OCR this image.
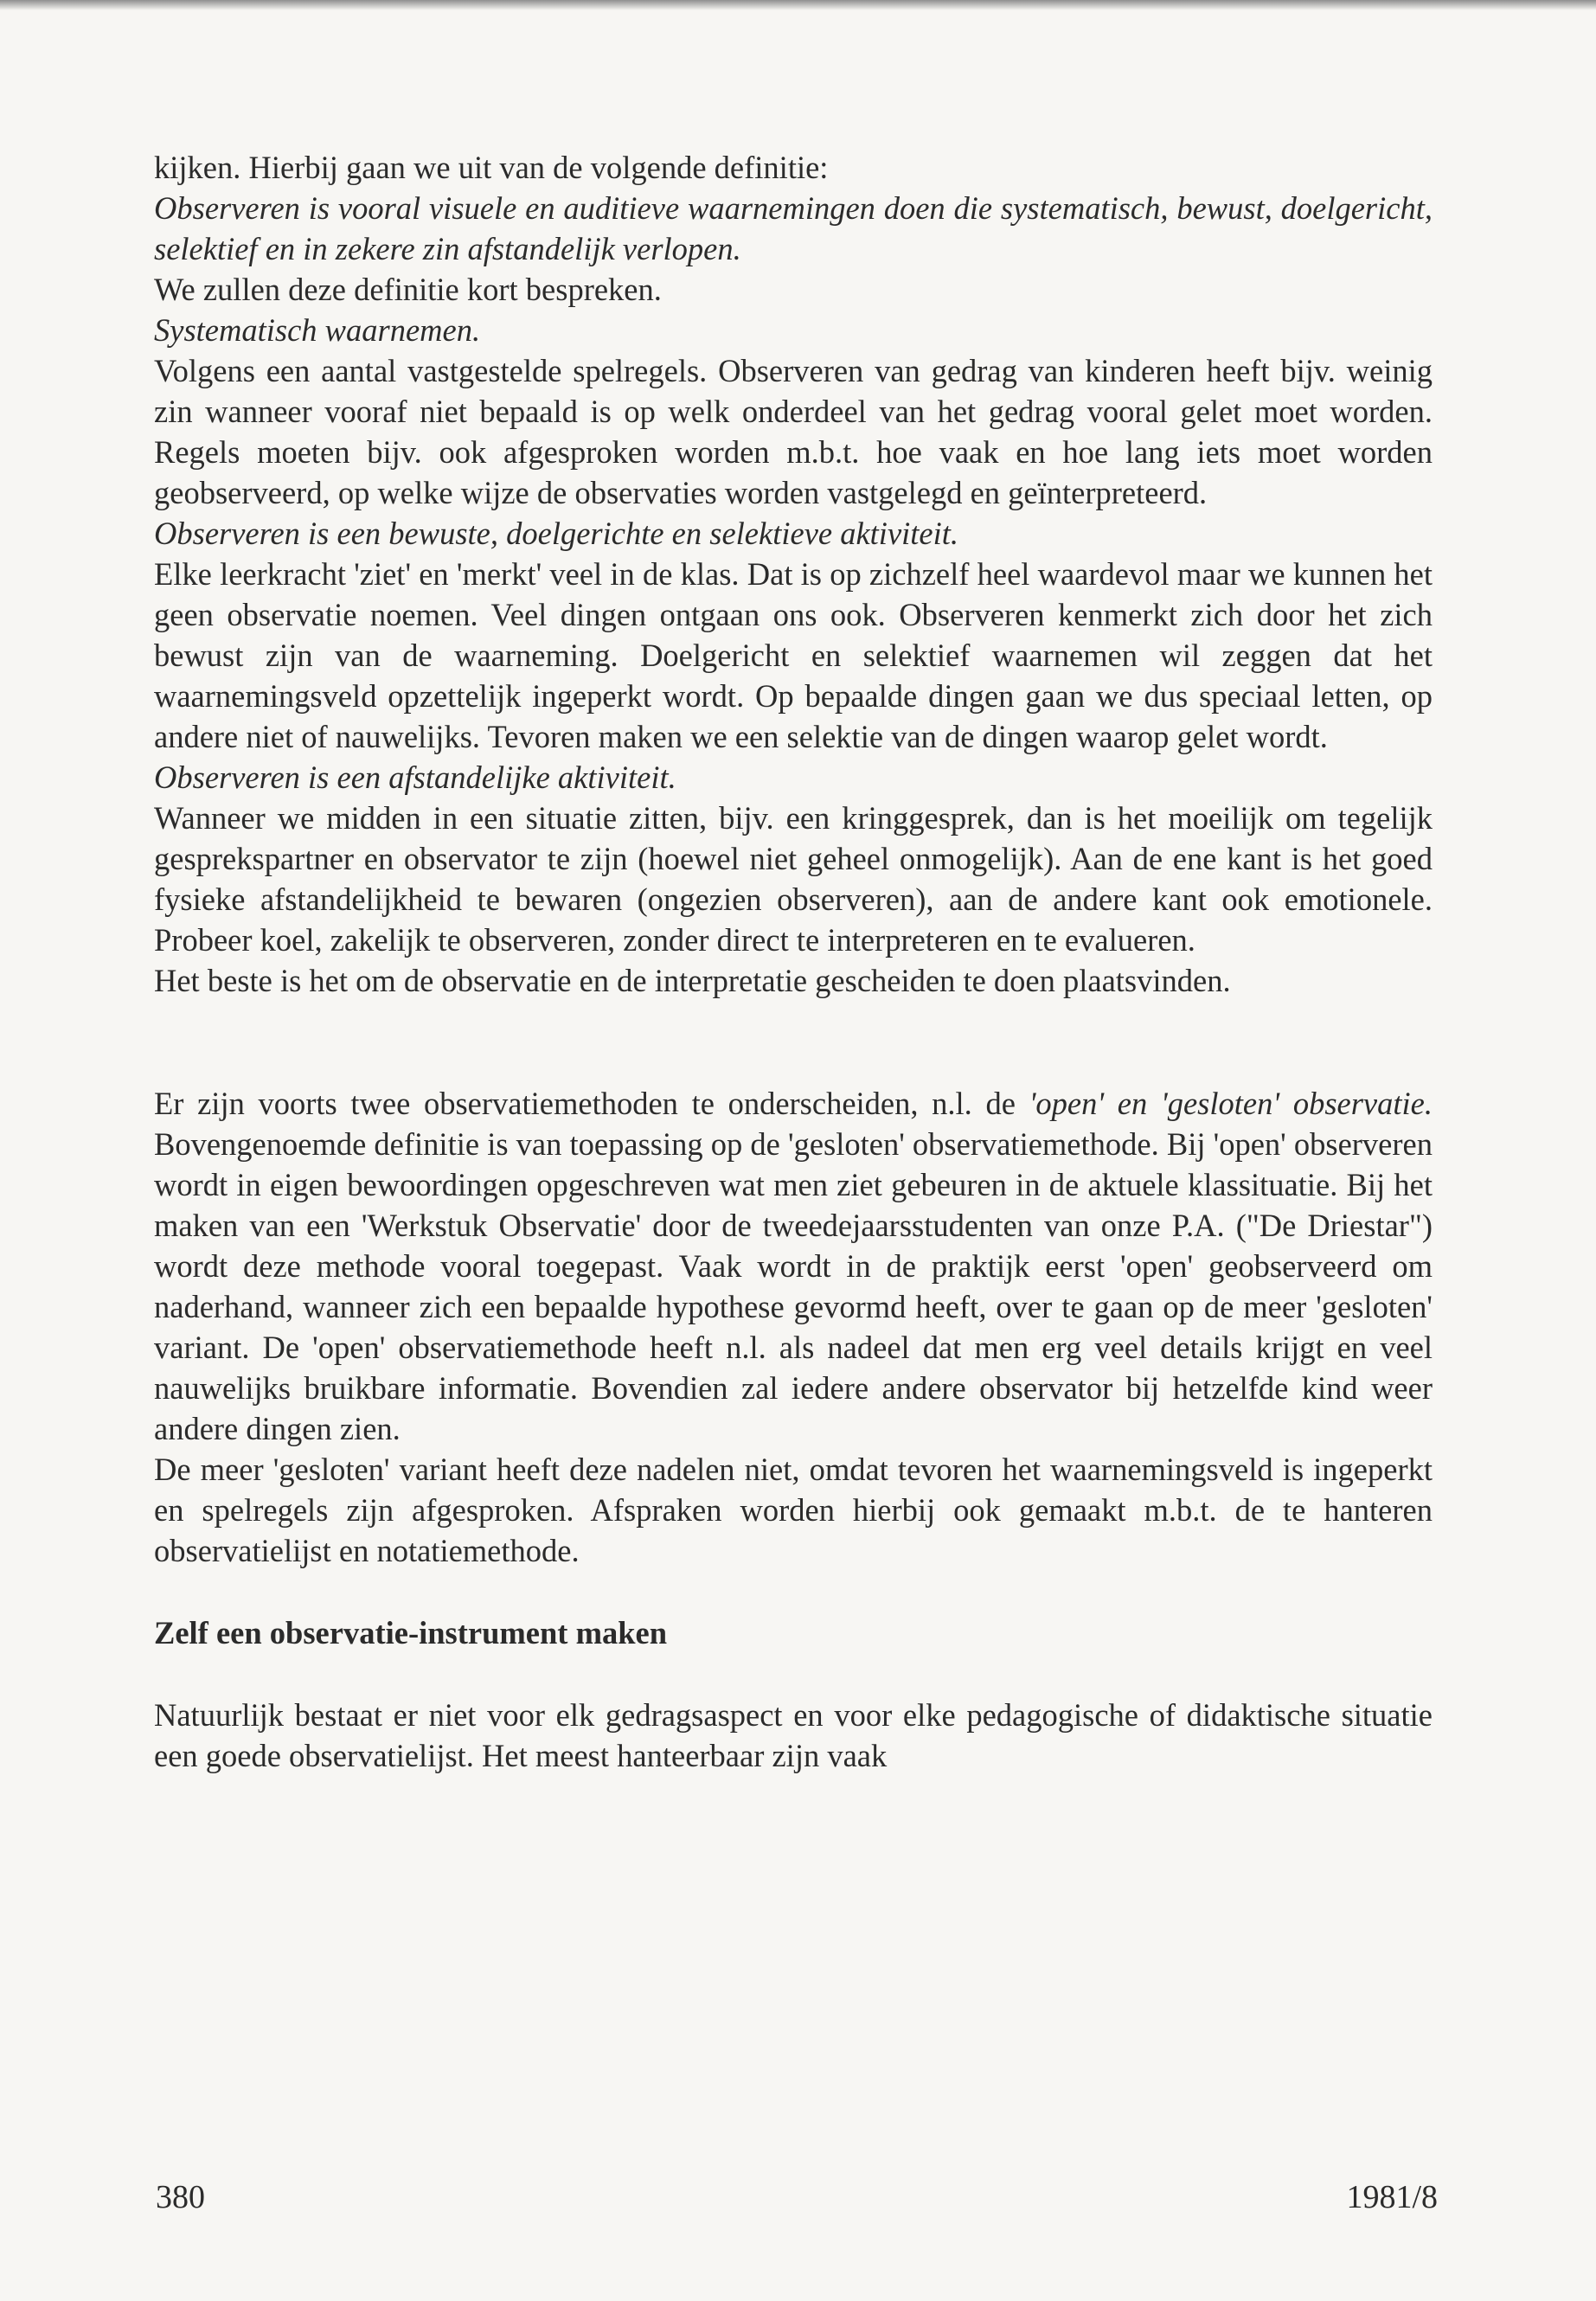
kijken. Hierbij gaan we uit van de volgende definitie:

Observeren is vooral visuele en auditieve waarnemingen doen die systematisch, bewust, doelgericht, selektief en in zekere zin afstandelijk verlopen.

We zullen deze definitie kort bespreken.

Systematisch waarnemen.

Volgens een aantal vastgestelde spelregels. Observeren van gedrag van kinderen heeft bijv. weinig zin wanneer vooraf niet bepaald is op welk onderdeel van het gedrag vooral gelet moet worden. Regels moeten bijv. ook afgesproken worden m.b.t. hoe vaak en hoe lang iets moet worden geobserveerd, op welke wijze de observaties worden vastgelegd en geïnterpreteerd.

Observeren is een bewuste, doelgerichte en selektieve aktiviteit.

Elke leerkracht 'ziet' en 'merkt' veel in de klas. Dat is op zichzelf heel waardevol maar we kunnen het geen observatie noemen. Veel dingen ontgaan ons ook. Observeren kenmerkt zich door het zich bewust zijn van de waarneming. Doelgericht en selektief waarnemen wil zeggen dat het waarnemingsveld opzettelijk ingeperkt wordt. Op bepaalde dingen gaan we dus speciaal letten, op andere niet of nauwelijks. Tevoren maken we een selektie van de dingen waarop gelet wordt.

Observeren is een afstandelijke aktiviteit.

Wanneer we midden in een situatie zitten, bijv. een kringgesprek, dan is het moeilijk om tegelijk gesprekspartner en observator te zijn (hoewel niet geheel onmogelijk). Aan de ene kant is het goed fysieke afstandelijkheid te bewaren (ongezien observeren), aan de andere kant ook emotionele. Probeer koel, zakelijk te observeren, zonder direct te interpreteren en te evalueren.

Het beste is het om de observatie en de interpretatie gescheiden te doen plaatsvinden.

Er zijn voorts twee observatiemethoden te onderscheiden, n.l. de 'open' en 'gesloten' observatie. Bovengenoemde definitie is van toepassing op de 'gesloten' observatiemethode. Bij 'open' observeren wordt in eigen bewoordingen opgeschreven wat men ziet gebeuren in de aktuele klassituatie. Bij het maken van een 'Werkstuk Observatie' door de tweedejaarsstudenten van onze P.A. ("De Driestar") wordt deze methode vooral toegepast. Vaak wordt in de praktijk eerst 'open' geobserveerd om naderhand, wanneer zich een bepaalde hypothese gevormd heeft, over te gaan op de meer 'gesloten' variant. De 'open' observatiemethode heeft n.l. als nadeel dat men erg veel details krijgt en veel nauwelijks bruikbare informatie. Bovendien zal iedere andere observator bij hetzelfde kind weer andere dingen zien.

De meer 'gesloten' variant heeft deze nadelen niet, omdat tevoren het waarnemingsveld is ingeperkt en spelregels zijn afgesproken. Afspraken worden hierbij ook gemaakt m.b.t. de te hanteren observatielijst en notatiemethode.

Zelf een observatie-instrument maken

Natuurlijk bestaat er niet voor elk gedragsaspect en voor elke pedagogische of didaktische situatie een goede observatielijst. Het meest hanteerbaar zijn vaak

380	1981/8
